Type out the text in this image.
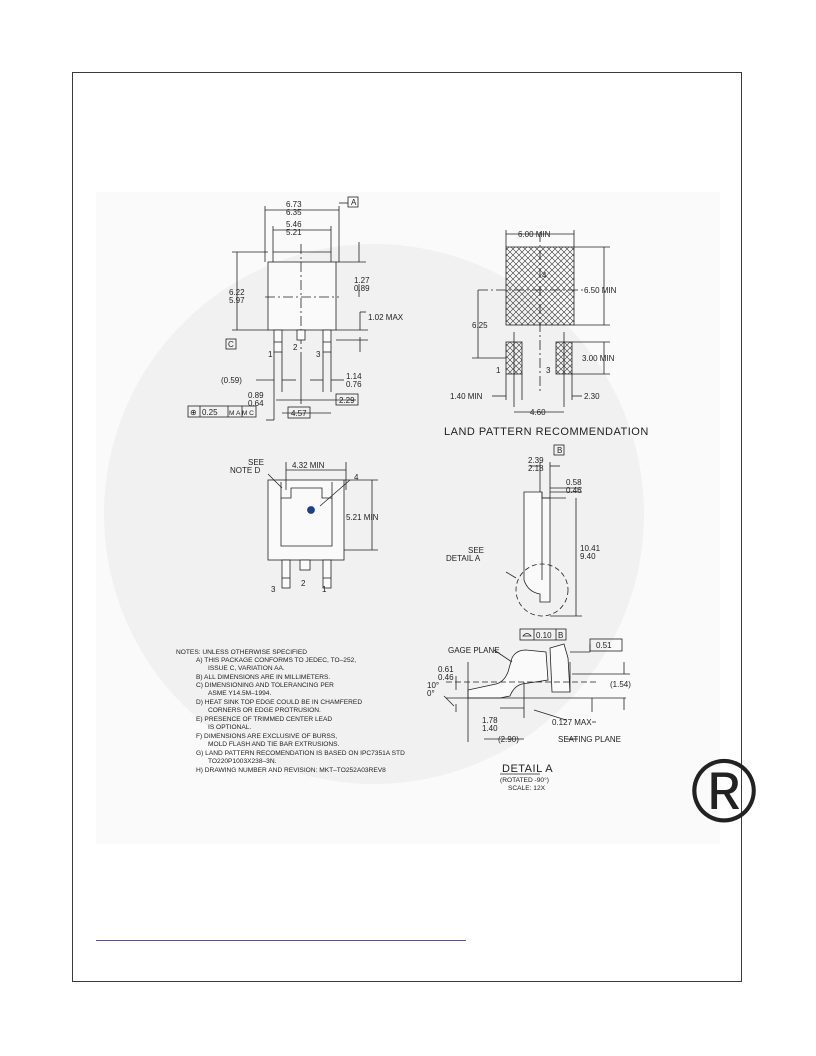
®
6.73
6.35
A
5.46
5.21
6.22
5.97
1.27
0.89
1.02 MAX
C
1
2
3
(0.59)	1.14
0.76
2.29
0.89
0.64
⊕ 0.25 M A M C	4.57
6.00 MIN
6.50 MIN
6.25
4
3.00 MIN
1	3
1.40 MIN	2.30
4.60
LAND PATTERN RECOMMENDATION
SEE
NOTE D
4.32 MIN
4
5.21 MIN
3
2
1
B
2.39
2.18
0.58
0.46
SEE
DETAIL A
10.41
9.40
0.10 B
GAGE PLANE
0.51
0.61
0.46
10°
0°
(1.54)
1.78
1.40
0.127 MAX
SEATING PLANE
(2.90)
DETAIL A
(ROTATED -90°)
SCALE: 12X
NOTES: UNLESS OTHERWISE SPECIFIED
A) THIS PACKAGE CONFORMS TO JEDEC, TO–252,
ISSUE C, VARIATION AA.
B) ALL DIMENSIONS ARE IN MILLIMETERS.
C) DIMENSIONING AND TOLERANCING PER
ASME Y14.5M–1994.
D) HEAT SINK TOP EDGE COULD BE IN CHAMFERED
CORNERS OR EDGE PROTRUSION.
E) PRESENCE OF TRIMMED CENTER LEAD
IS OPTIONAL.
F) DIMENSIONS ARE EXCLUSIVE OF BURSS,
MOLD FLASH AND TIE BAR EXTRUSIONS.
G) LAND PATTERN RECOMENDATION IS BASED ON IPC7351A STD
TO220P1003X238–3N.
H) DRAWING NUMBER AND REVISION: MKT–TO252A03REV8
